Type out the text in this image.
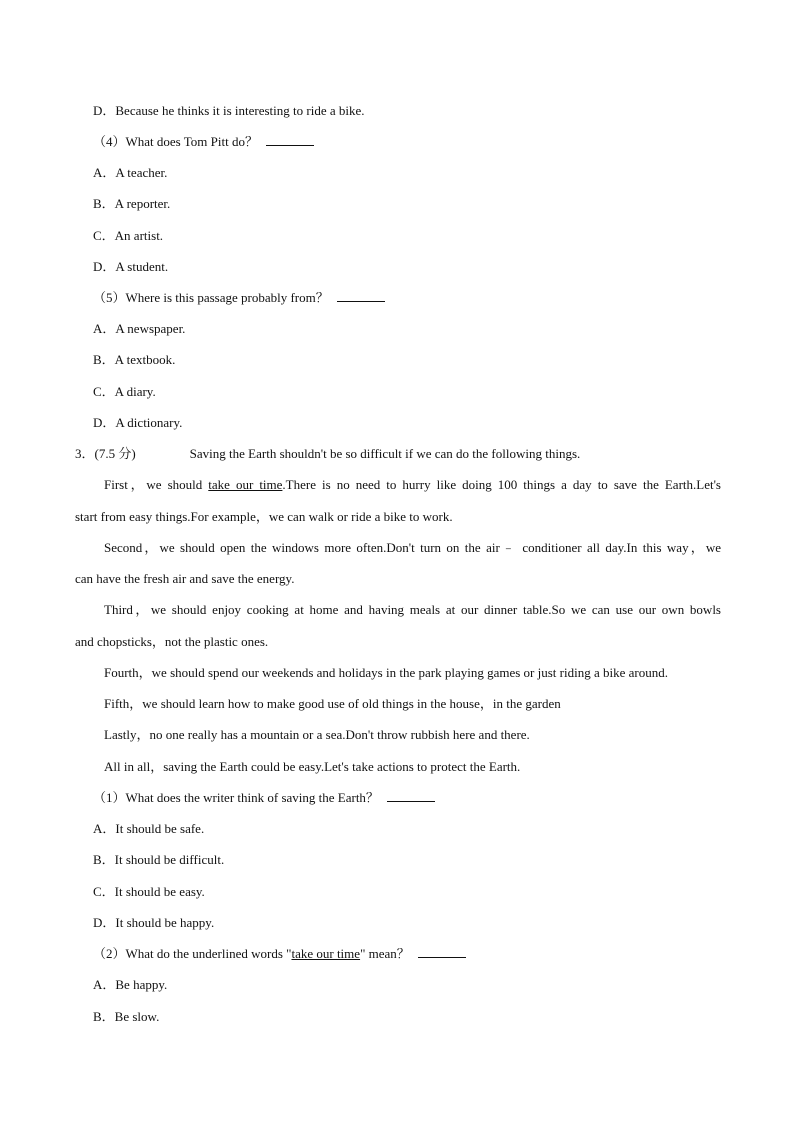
D．Because he thinks it is interesting to ride a bike.
（4）What does Tom Pitt do？
A．A teacher.
B．A reporter.
C．An artist.
D．A student.
（5）Where is this passage probably from？
A．A newspaper.
B．A textbook.
C．A diary.
D．A dictionary.
3．(7.5 分)	Saving the Earth shouldn't be so difficult if we can do the following things.
First，we should take our time.There is no need to hurry like doing 100 things a day to save the Earth.Let's
start from easy things.For example，we can walk or ride a bike to work.
Second，we should open the windows more often.Don't turn on the air﹣ conditioner all day.In this way，we
can have the fresh air and save the energy.
Third，we should enjoy cooking at home and having meals at our dinner table.So we can use our own bowls
and chopsticks，not the plastic ones.
Fourth，we should spend our weekends and holidays in the park playing games or just riding a bike around.
Fifth，we should learn how to make good use of old things in the house，in the garden
Lastly，no one really has a mountain or a sea.Don't throw rubbish here and there.
All in all，saving the Earth could be easy.Let's take actions to protect the Earth.
（1）What does the writer think of saving the Earth？
A．It should be safe.
B．It should be difficult.
C．It should be easy.
D．It should be happy.
（2）What do the underlined words "take our time" mean？
A．Be happy.
B．Be slow.
